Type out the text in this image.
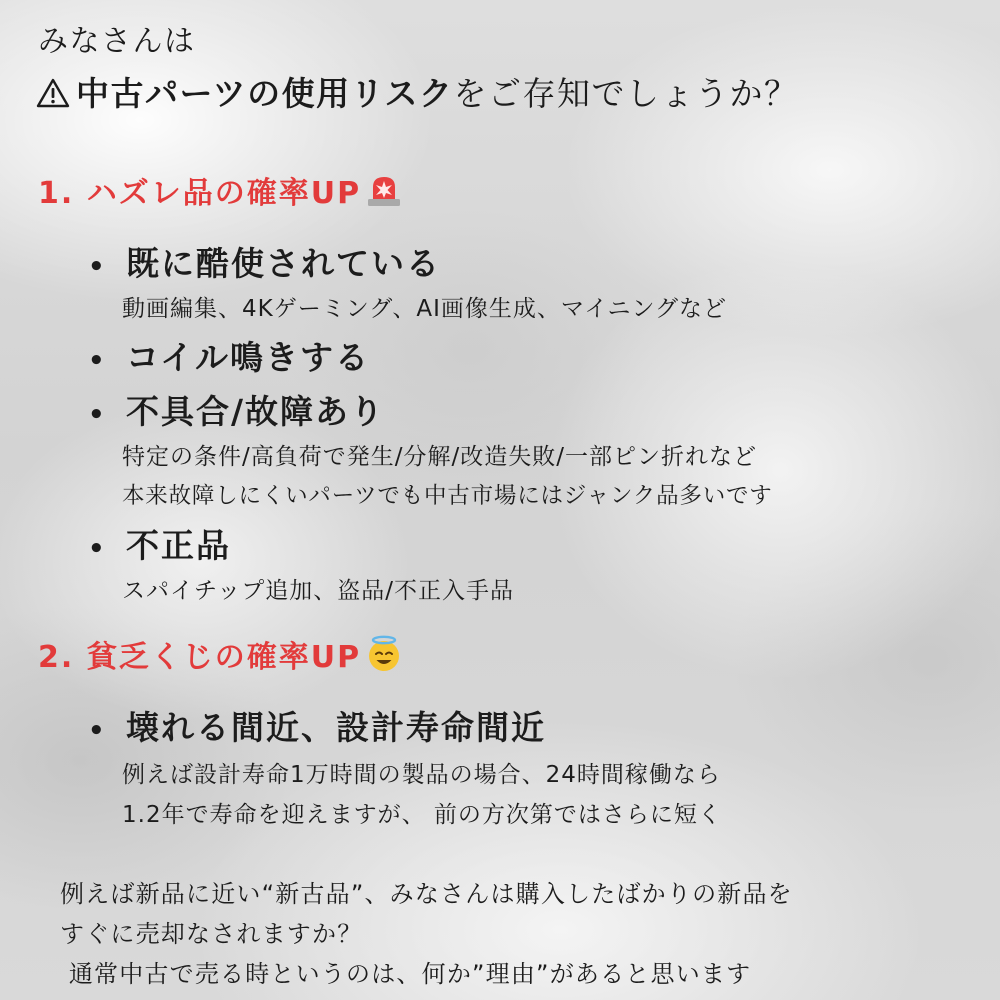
みなさんは
中古パーツの使用リスクをご存知でしょうか？
1. ハズレ品の確率UP
• 既に酷使されている
動画編集、4Kゲーミング、AI画像生成、マイニングなど
• コイル鳴きする
• 不具合/故障あり
特定の条件/高負荷で発生/分解/改造失敗/一部ピン折れなど
本来故障しにくいパーツでも中古市場にはジャンク品多いです
• 不正品
スパイチップ追加、盗品/不正入手品
2. 貧乏くじの確率UP
• 壊れる間近、設計寿命間近
例えば設計寿命1万時間の製品の場合、24時間稼働なら
1.2年で寿命を迎えますが、 前の方次第ではさらに短く
例えば新品に近い“新古品”、みなさんは購入したばかりの新品を
すぐに売却なされますか？
通常中古で売る時というのは、何か”理由”があると思います
